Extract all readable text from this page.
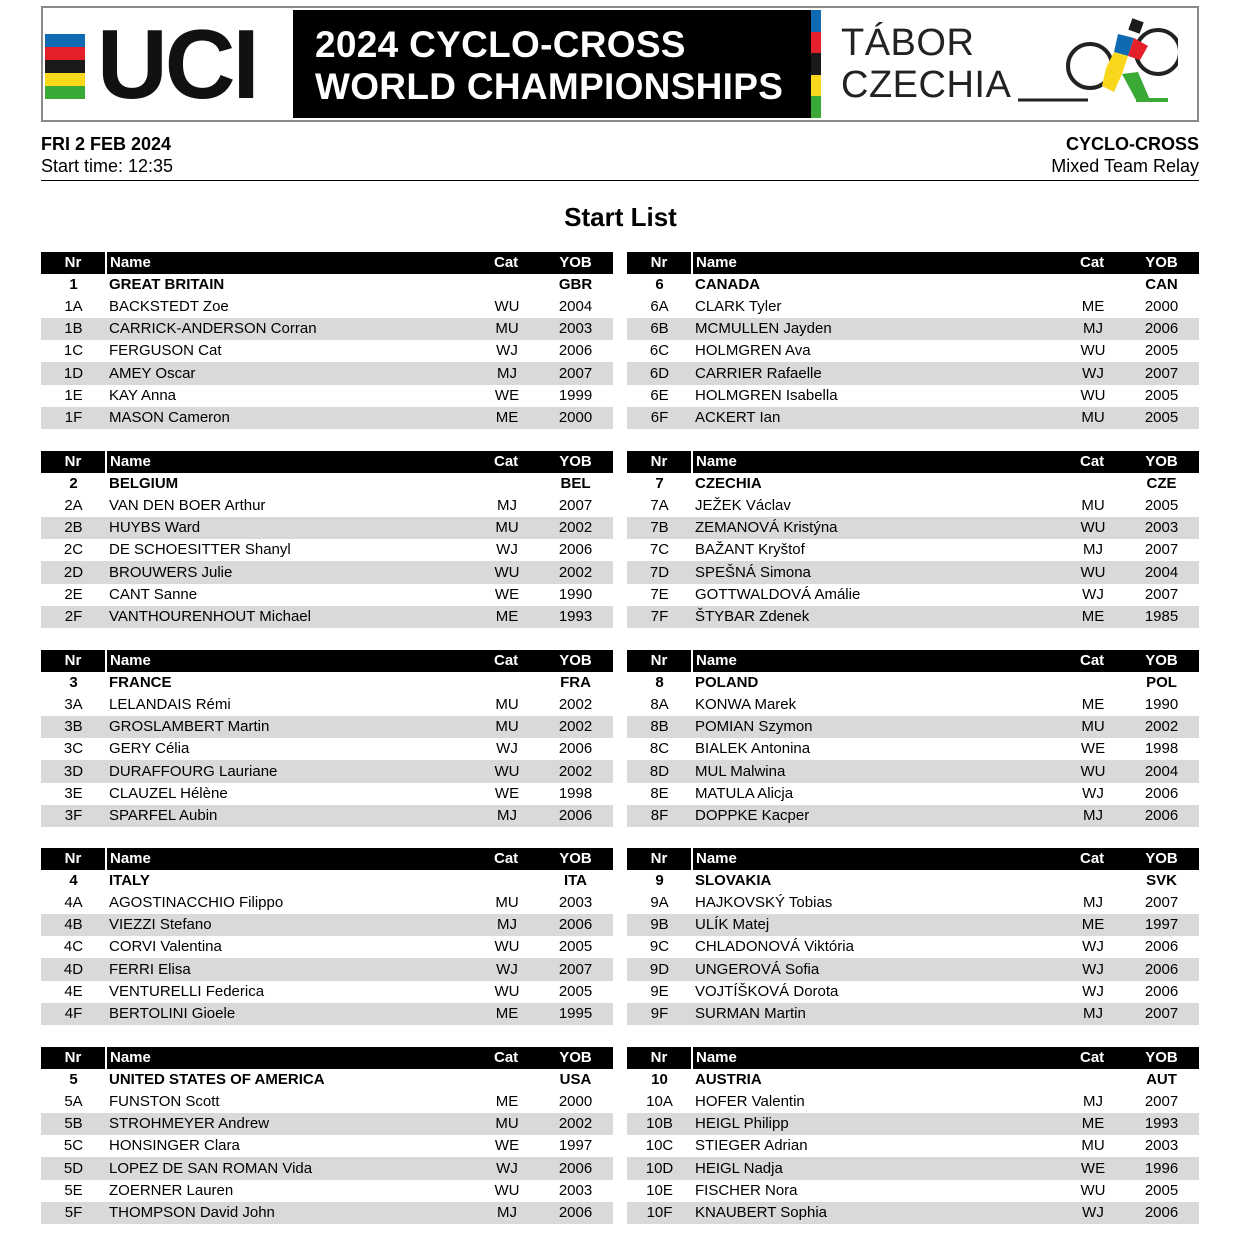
UCI 2024 CYCLO-CROSS
WORLD CHAMPIONSHIPS
TÁBOR
CZECHIA
FRI 2 FEB 2024
Start time: 12:35
CYCLO-CROSS
Mixed Team Relay
Start List
Nr	Name	Cat	YOB
1	GREAT BRITAIN		GBR
1A	BACKSTEDT Zoe	WU	2004
1B	CARRICK-ANDERSON Corran	MU	2003
1C	FERGUSON Cat	WJ	2006
1D	AMEY Oscar	MJ	2007
1E	KAY Anna	WE	1999
1F	MASON Cameron	ME	2000
Nr	Name	Cat	YOB
6	CANADA		CAN
6A	CLARK Tyler	ME	2000
6B	MCMULLEN Jayden	MJ	2006
6C	HOLMGREN Ava	WU	2005
6D	CARRIER Rafaelle	WJ	2007
6E	HOLMGREN Isabella	WU	2005
6F	ACKERT Ian	MU	2005
Nr	Name	Cat	YOB
2	BELGIUM		BEL
2A	VAN DEN BOER Arthur	MJ	2007
2B	HUYBS Ward	MU	2002
2C	DE SCHOESITTER Shanyl	WJ	2006
2D	BROUWERS Julie	WU	2002
2E	CANT Sanne	WE	1990
2F	VANTHOURENHOUT Michael	ME	1993
Nr	Name	Cat	YOB
7	CZECHIA		CZE
7A	JEŽEK Václav	MU	2005
7B	ZEMANOVÁ Kristýna	WU	2003
7C	BAŽANT Kryštof	MJ	2007
7D	SPEŠNÁ Simona	WU	2004
7E	GOTTWALDOVÁ Amálie	WJ	2007
7F	ŠTYBAR Zdenek	ME	1985
Nr	Name	Cat	YOB
3	FRANCE		FRA
3A	LELANDAIS Rémi	MU	2002
3B	GROSLAMBERT Martin	MU	2002
3C	GERY Célia	WJ	2006
3D	DURAFFOURG Lauriane	WU	2002
3E	CLAUZEL Hélène	WE	1998
3F	SPARFEL Aubin	MJ	2006
Nr	Name	Cat	YOB
8	POLAND		POL
8A	KONWA Marek	ME	1990
8B	POMIAN Szymon	MU	2002
8C	BIALEK Antonina	WE	1998
8D	MUL Malwina	WU	2004
8E	MATULA Alicja	WJ	2006
8F	DOPPKE Kacper	MJ	2006
Nr	Name	Cat	YOB
4	ITALY		ITA
4A	AGOSTINACCHIO Filippo	MU	2003
4B	VIEZZI Stefano	MJ	2006
4C	CORVI Valentina	WU	2005
4D	FERRI Elisa	WJ	2007
4E	VENTURELLI Federica	WU	2005
4F	BERTOLINI Gioele	ME	1995
Nr	Name	Cat	YOB
9	SLOVAKIA		SVK
9A	HAJKOVSKÝ Tobias	MJ	2007
9B	ULÍK Matej	ME	1997
9C	CHLADONOVÁ Viktória	WJ	2006
9D	UNGEROVÁ Sofia	WJ	2006
9E	VOJTÍŠKOVÁ Dorota	WJ	2006
9F	SURMAN Martin	MJ	2007
Nr	Name	Cat	YOB
5	UNITED STATES OF AMERICA		USA
5A	FUNSTON Scott	ME	2000
5B	STROHMEYER Andrew	MU	2002
5C	HONSINGER Clara	WE	1997
5D	LOPEZ DE SAN ROMAN Vida	WJ	2006
5E	ZOERNER Lauren	WU	2003
5F	THOMPSON David John	MJ	2006
Nr	Name	Cat	YOB
10	AUSTRIA		AUT
10A	HOFER Valentin	MJ	2007
10B	HEIGL Philipp	ME	1993
10C	STIEGER Adrian	MU	2003
10D	HEIGL Nadja	WE	1996
10E	FISCHER Nora	WU	2005
10F	KNAUBERT Sophia	WJ	2006
